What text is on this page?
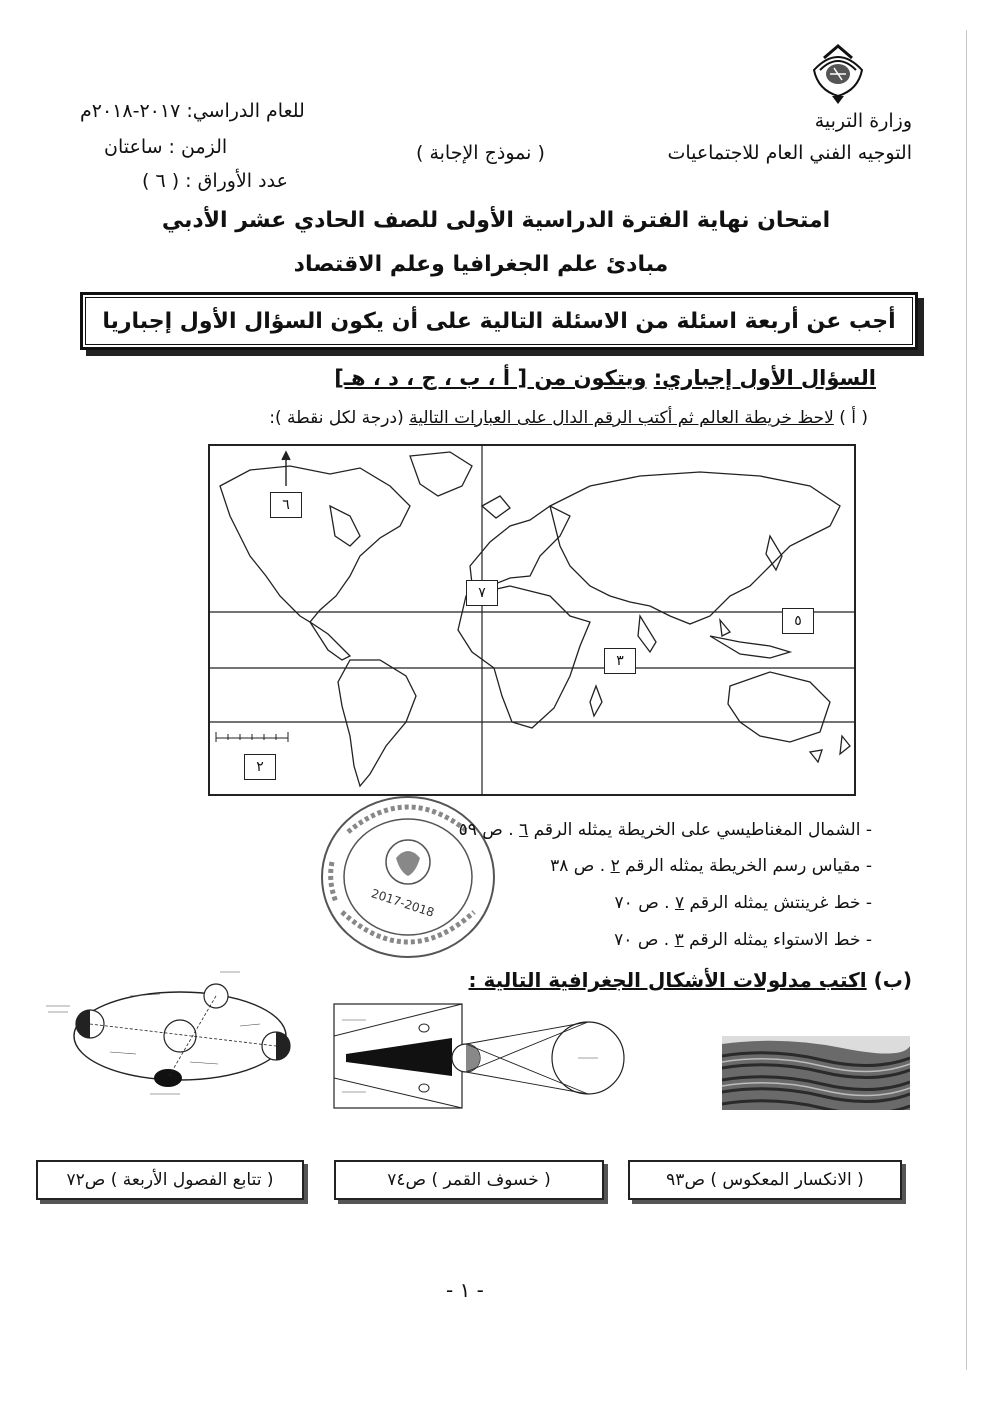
وزارة التربية
التوجيه الفني العام للاجتماعيات
( نموذج الإجابة )
للعام الدراسي: ٢٠١٧-٢٠١٨م
الزمن : ساعتان
عدد الأوراق : ( ٦ )
امتحان نهاية الفترة الدراسية الأولى للصف الحادي عشر الأدبي
مبادئ علم الجغرافيا وعلم الاقتصاد
أجب عن أربعة اسئلة من الاسئلة التالية على أن يكون السؤال الأول إجباريا
السؤال الأول إجباري: ويتكون من [ أ ، ب ، ج ، د ، هـ]
( أ ) لاحظ خريطة العالم ثم أكتب الرقم الدال على العبارات التالية (درجة لكل نقطة ):
٦
٧
٥
٣
٢
2017-2018
- الشمال المغناطيسي على الخريطة يمثله الرقم ٦ . ص ٥٩
- مقياس رسم الخريطة يمثله الرقم ٢ . ص ٣٨
- خط غرينتش يمثله الرقم ٧ . ص ٧٠
- خط الاستواء يمثله الرقم ٣ . ص ٧٠
(ب) اكتب مدلولات الأشكال الجغرافية التالية :
( الانكسار المعكوس ) ص٩٣
( خسوف القمر ) ص٧٤
( تتابع الفصول الأربعة ) ص٧٢
- ١ -
